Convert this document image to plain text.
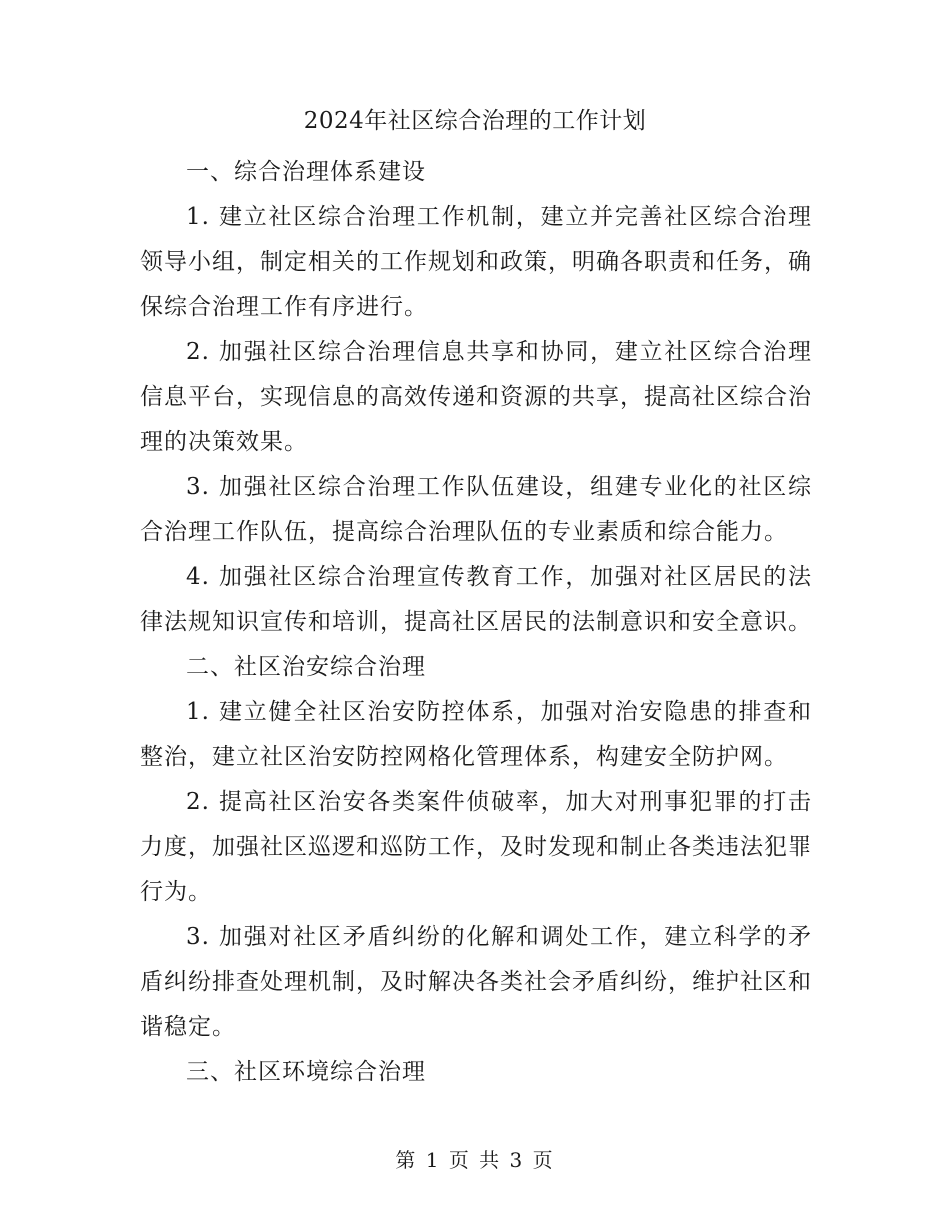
2024年社区综合治理的工作计划

一、综合治理体系建设

1. 建立社区综合治理工作机制，建立并完善社区综合治理领导小组，制定相关的工作规划和政策，明确各职责和任务，确保综合治理工作有序进行。

2. 加强社区综合治理信息共享和协同，建立社区综合治理信息平台，实现信息的高效传递和资源的共享，提高社区综合治理的决策效果。

3. 加强社区综合治理工作队伍建设，组建专业化的社区综合治理工作队伍，提高综合治理队伍的专业素质和综合能力。

4. 加强社区综合治理宣传教育工作，加强对社区居民的法律法规知识宣传和培训，提高社区居民的法制意识和安全意识。

二、社区治安综合治理

1. 建立健全社区治安防控体系，加强对治安隐患的排查和整治，建立社区治安防控网格化管理体系，构建安全防护网。

2. 提高社区治安各类案件侦破率，加大对刑事犯罪的打击力度，加强社区巡逻和巡防工作，及时发现和制止各类违法犯罪行为。

3. 加强对社区矛盾纠纷的化解和调处工作，建立科学的矛盾纠纷排查处理机制，及时解决各类社会矛盾纠纷，维护社区和谐稳定。

三、社区环境综合治理

第 1 页 共 3 页
